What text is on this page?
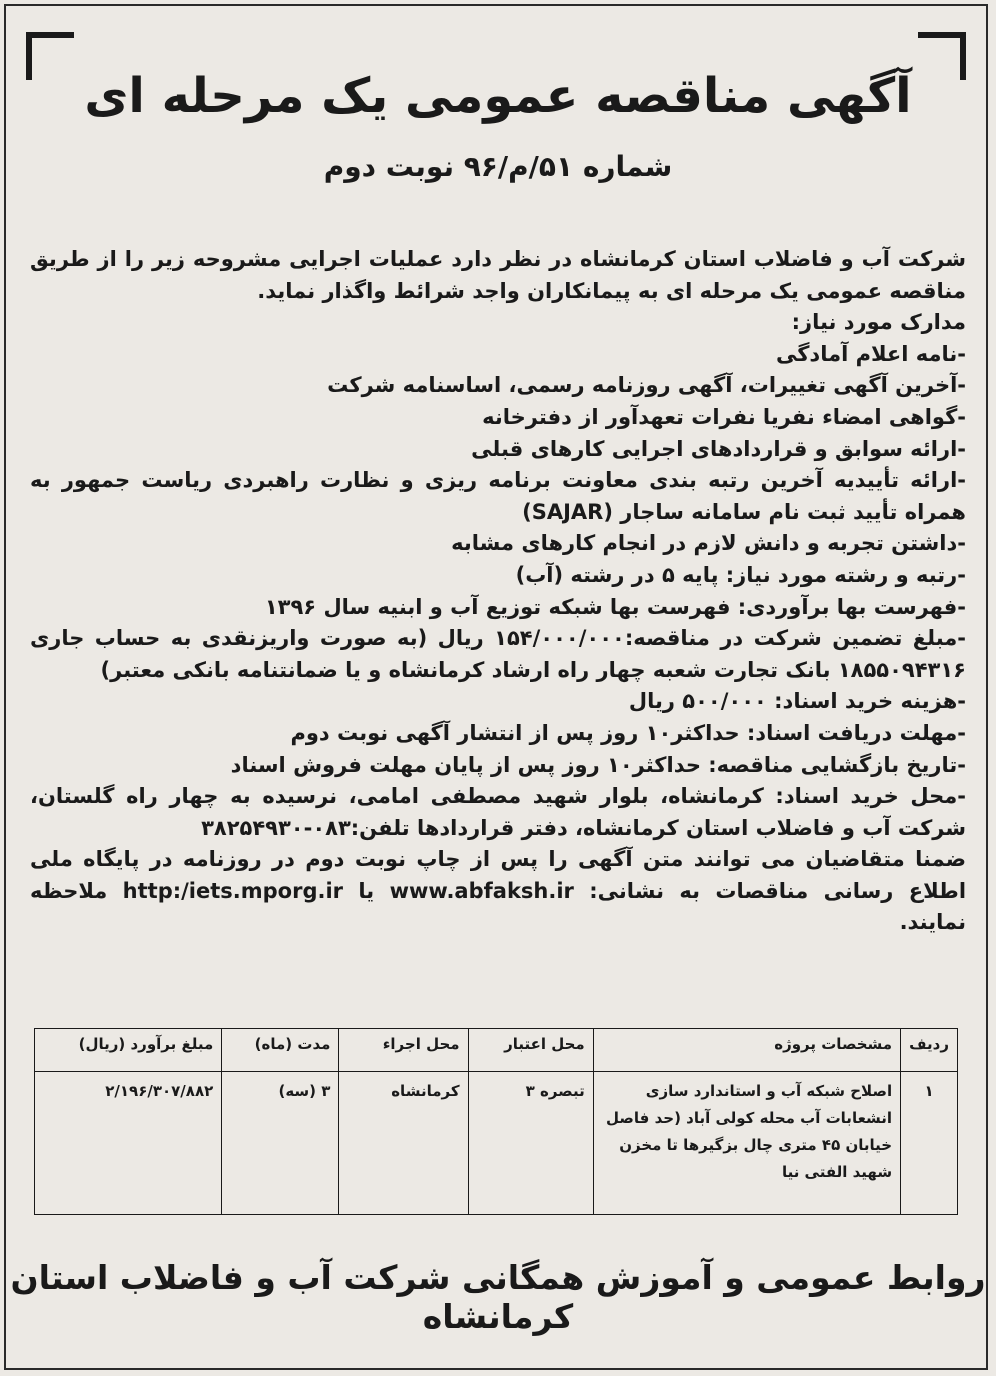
آگهی مناقصه عمومی یک مرحله ای
شماره ۵۱/م/۹۶ نوبت دوم

شرکت آب و فاضلاب استان کرمانشاه در نظر دارد عملیات اجرایی مشروحه زیر را از طریق مناقصه عمومی یک مرحله ای به پیمانکاران واجد شرائط واگذار نماید.

مدارک مورد نیاز:

-نامه اعلام آمادگی

-آخرین آگهی تغییرات، آگهی روزنامه رسمی، اساسنامه شرکت

-گواهی امضاء نفریا نفرات تعهدآور از دفترخانه

-ارائه سوابق و قراردادهای اجرایی کارهای قبلی

-ارائه تأییدیه آخرین رتبه بندی معاونت برنامه ریزی و نظارت راهبردی ریاست جمهور به همراه تأیید ثبت نام سامانه ساجار (SAJAR)

-داشتن تجربه و دانش لازم در انجام کارهای مشابه

-رتبه و رشته مورد نیاز: پایه ۵ در رشته (آب)

-فهرست بها برآوردی: فهرست بها شبکه توزیع آب و ابنیه سال ۱۳۹۶

-مبلغ تضمین شرکت در مناقصه:۱۵۴/۰۰۰/۰۰۰ ریال (به صورت واریزنقدی به حساب جاری ۱۸۵۵۰۹۴۳۱۶ بانک تجارت شعبه چهار راه ارشاد کرمانشاه و یا ضمانتنامه بانکی معتبر)

-هزینه خرید اسناد: ۵۰۰/۰۰۰ ریال

-مهلت دریافت اسناد: حداکثر۱۰ روز پس از انتشار آگهی نوبت دوم

-تاریخ بازگشایی مناقصه: حداکثر۱۰ روز پس از پایان مهلت فروش اسناد

-محل خرید اسناد: کرمانشاه، بلوار شهید مصطفی امامی، نرسیده به چهار راه گلستان، شرکت آب و فاضلاب استان کرمانشاه، دفتر قراردادها تلفن:۰۸۳-۳۸۲۵۴۹۳۰

ضمنا متقاضیان می توانند متن آگهی را پس از چاپ نوبت دوم در روزنامه در پایگاه ملی اطلاع رسانی مناقصات به نشانی: www.abfaksh.ir یا http:/iets.mporg.ir ملاحظه نمایند.

ردیف	مشخصات پروژه	محل اعتبار	محل اجراء	مدت (ماه)	مبلغ برآورد (ریال)
۱	اصلاح شبکه آب و استاندارد سازی انشعابات آب محله کولی آباد (حد فاصل خیابان ۴۵ متری چال بزگیرها تا مخزن شهید الفتی نیا	تبصره ۳	کرمانشاه	۳ (سه)	۲/۱۹۶/۳۰۷/۸۸۲
روابط عمومی و آموزش همگانی شرکت آب و فاضلاب استان کرمانشاه
